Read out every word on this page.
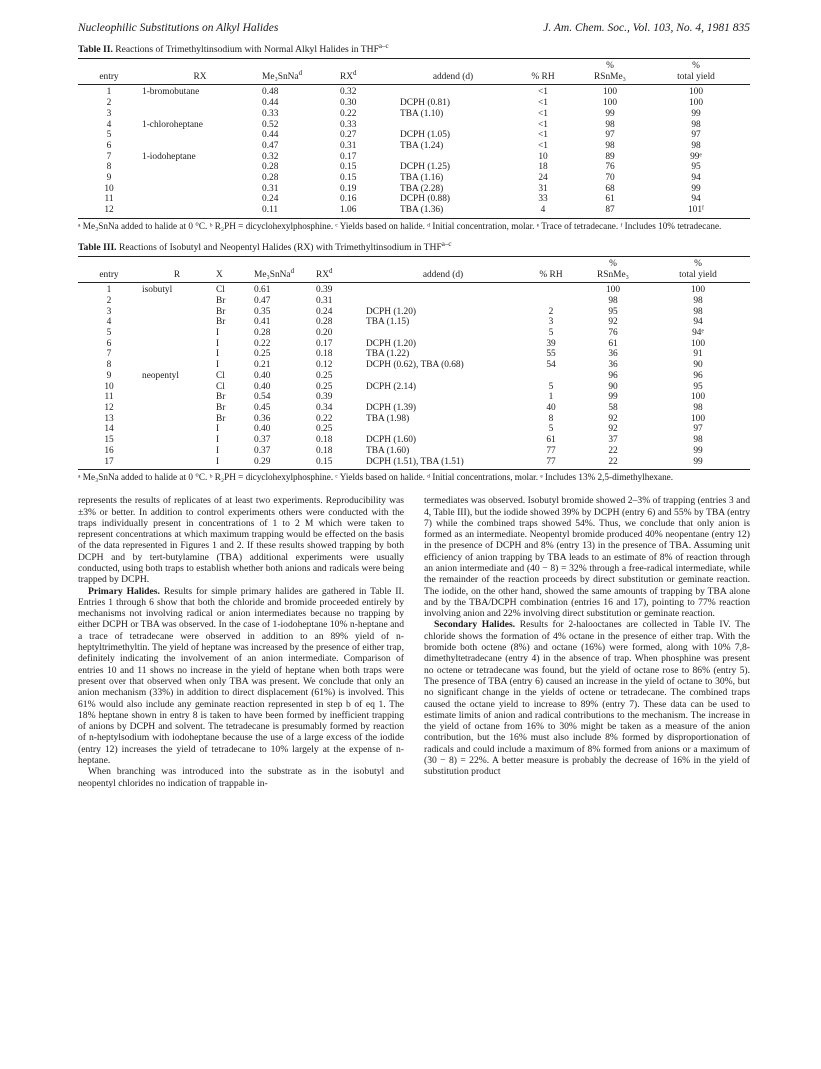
Nucleophilic Substitutions on Alkyl Halides	J. Am. Chem. Soc., Vol. 103, No. 4, 1981 835
Table II. Reactions of Trimethyltinsodium with Normal Alkyl Halides in THF$^{a-c}$
						%	%
entry	RX	Me₃SnNa$^d$	$RX^d$	addend (d)	% RH	RSnMe₃	total yield
1	1-bromobutane	0.48	0.32		<1	100	100
2		0.44	0.30	DCPH (0.81)	<1	100	100
3		0.33	0.22	TBA (1.10)	<1	99	99
4	1-chloroheptane	0.52	0.33		<1	98	98
5		0.44	0.27	DCPH (1.05)	<1	97	97
6		0.47	0.31	TBA (1.24)	<1	98	98
7	1-iodoheptane	0.32	0.17		10	89	99ᵉ
8		0.28	0.15	DCPH (1.25)	18	76	95
9		0.28	0.15	TBA (1.16)	24	70	94
10		0.31	0.19	TBA (2.28)	31	68	99
11		0.24	0.16	DCPH (0.88)	33	61	94
12		0.11	1.06	TBA (1.36)	4	87	101ᶠ
ᵃ Me₃SnNa added to halide at 0 °C. ᵇ R₂PH = dicyclohexylphosphine. ᶜ Yields based on halide. ᵈ Initial concentration, molar. ᵉ Trace of tetradecane. ᶠ Includes 10% tetradecane.
Table III. Reactions of Isobutyl and Neopentyl Halides (RX) with Trimethyltinsodium in THF$^{a-c}$
							%	%
entry	R	X	Me₃SnNa$^d$	$RX^d$	addend (d)	% RH	RSnMe₃	total yield
1	isobutyl	Cl	0.61	0.39			100	100
2		Br	0.47	0.31			98	98
3		Br	0.35	0.24	DCPH (1.20)	2	95	98
4		Br	0.41	0.28	TBA (1.15)	3	92	94
5		I	0.28	0.20		5	76	94ᵉ
6		I	0.22	0.17	DCPH (1.20)	39	61	100
7		I	0.25	0.18	TBA (1.22)	55	36	91
8		I	0.21	0.12	DCPH (0.62), TBA (0.68)	54	36	90
9	neopentyl	Cl	0.40	0.25			96	96
10		Cl	0.40	0.25	DCPH (2.14)	5	90	95
11		Br	0.54	0.39		1	99	100
12		Br	0.45	0.34	DCPH (1.39)	40	58	98
13		Br	0.36	0.22	TBA (1.98)	8	92	100
14		I	0.40	0.25		5	92	97
15		I	0.37	0.18	DCPH (1.60)	61	37	98
16		I	0.37	0.18	TBA (1.60)	77	22	99
17		I	0.29	0.15	DCPH (1.51), TBA (1.51)	77	22	99
ᵃ Me₃SnNa added to halide at 0 °C. ᵇ R₂PH = dicyclohexylphosphine. ᶜ Yields based on halide. ᵈ Initial concentrations, molar. ᵉ Includes 13% 2,5-dimethylhexane.

represents the results of replicates of at least two experiments. Reproducibility was ±3% or better. In addition to control experiments others were conducted with the traps individually present in concentrations of 1 to 2 M which were taken to represent concentrations at which maximum trapping would be effected on the basis of the data represented in Figures 1 and 2. If these results showed trapping by both DCPH and by tert-butylamine (TBA) additional experiments were usually conducted, using both traps to establish whether both anions and radicals were being trapped by DCPH.

Primary Halides. Results for simple primary halides are gathered in Table II. Entries 1 through 6 show that both the chloride and bromide proceeded entirely by mechanisms not involving radical or anion intermediates because no trapping by either DCPH or TBA was observed. In the case of 1-iodoheptane 10% n-heptane and a trace of tetradecane were observed in addition to an 89% yield of n-heptyltrimethyltin. The yield of heptane was increased by the presence of either trap, definitely indicating the involvement of an anion intermediate. Comparison of entries 10 and 11 shows no increase in the yield of heptane when both traps were present over that observed when only TBA was present. We conclude that only an anion mechanism (33%) in addition to direct displacement (61%) is involved. This 61% would also include any geminate reaction represented in step b of eq 1. The 18% heptane shown in entry 8 is taken to have been formed by inefficient trapping of anions by DCPH and solvent. The tetradecane is presumably formed by reaction of n-heptylsodium with iodoheptane because the use of a large excess of the iodide (entry 12) increases the yield of tetradecane to 10% largely at the expense of n-heptane.

When branching was introduced into the substrate as in the isobutyl and neopentyl chlorides no indication of trappable in-

termediates was observed. Isobutyl bromide showed 2–3% of trapping (entries 3 and 4, Table III), but the iodide showed 39% by DCPH (entry 6) and 55% by TBA (entry 7) while the combined traps showed 54%. Thus, we conclude that only anion is formed as an intermediate. Neopentyl bromide produced 40% neopentane (entry 12) in the presence of DCPH and 8% (entry 13) in the presence of TBA. Assuming unit efficiency of anion trapping by TBA leads to an estimate of 8% of reaction through an anion intermediate and (40 − 8) = 32% through a free-radical intermediate, while the remainder of the reaction proceeds by direct substitution or geminate reaction. The iodide, on the other hand, showed the same amounts of trapping by TBA alone and by the TBA/DCPH combination (entries 16 and 17), pointing to 77% reaction involving anion and 22% involving direct substitution or geminate reaction.

Secondary Halides. Results for 2-halooctanes are collected in Table IV. The chloride shows the formation of 4% octane in the presence of either trap. With the bromide both octene (8%) and octane (16%) were formed, along with 10% 7,8-dimethyltetradecane (entry 4) in the absence of trap. When phosphine was present no octene or tetradecane was found, but the yield of octane rose to 86% (entry 5). The presence of TBA (entry 6) caused an increase in the yield of octane to 30%, but no significant change in the yields of octene or tetradecane. The combined traps caused the octane yield to increase to 89% (entry 7). These data can be used to estimate limits of anion and radical contributions to the mechanism. The increase in the yield of octane from 16% to 30% might be taken as a measure of the anion contribution, but the 16% must also include 8% formed by disproportionation of radicals and could include a maximum of 8% formed from anions or a maximum of (30 − 8) = 22%. A better measure is probably the decrease of 16% in the yield of substitution product
